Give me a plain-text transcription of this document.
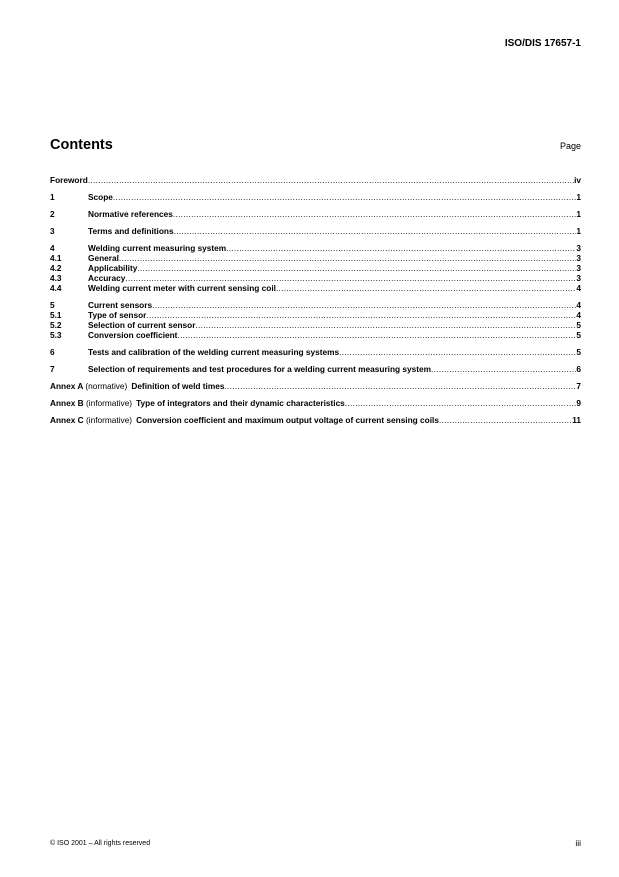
ISO/DIS 17657-1
Contents	Page
Foreword .....	iv
1	Scope .....	1
2	Normative references .....	1
3	Terms and definitions .....	1
4	Welding current measuring system .....	3
4.1	General .....	3
4.2	Applicability .....	3
4.3	Accuracy .....	3
4.4	Welding current meter with current sensing coil .....	4
5	Current sensors .....	4
5.1	Type of sensor .....	4
5.2	Selection of current sensor .....	5
5.3	Conversion coefficient .....	5
6	Tests and calibration of the welding current measuring systems .....	5
7	Selection of requirements and test procedures for a welding current measuring system .....	6
Annex A (normative) Definition of weld times .....	7
Annex B (informative) Type of integrators and their dynamic characteristics .....	9
Annex C (informative) Conversion coefficient and maximum output voltage of current sensing coils .....	11
© ISO 2001 – All rights reserved	iii
